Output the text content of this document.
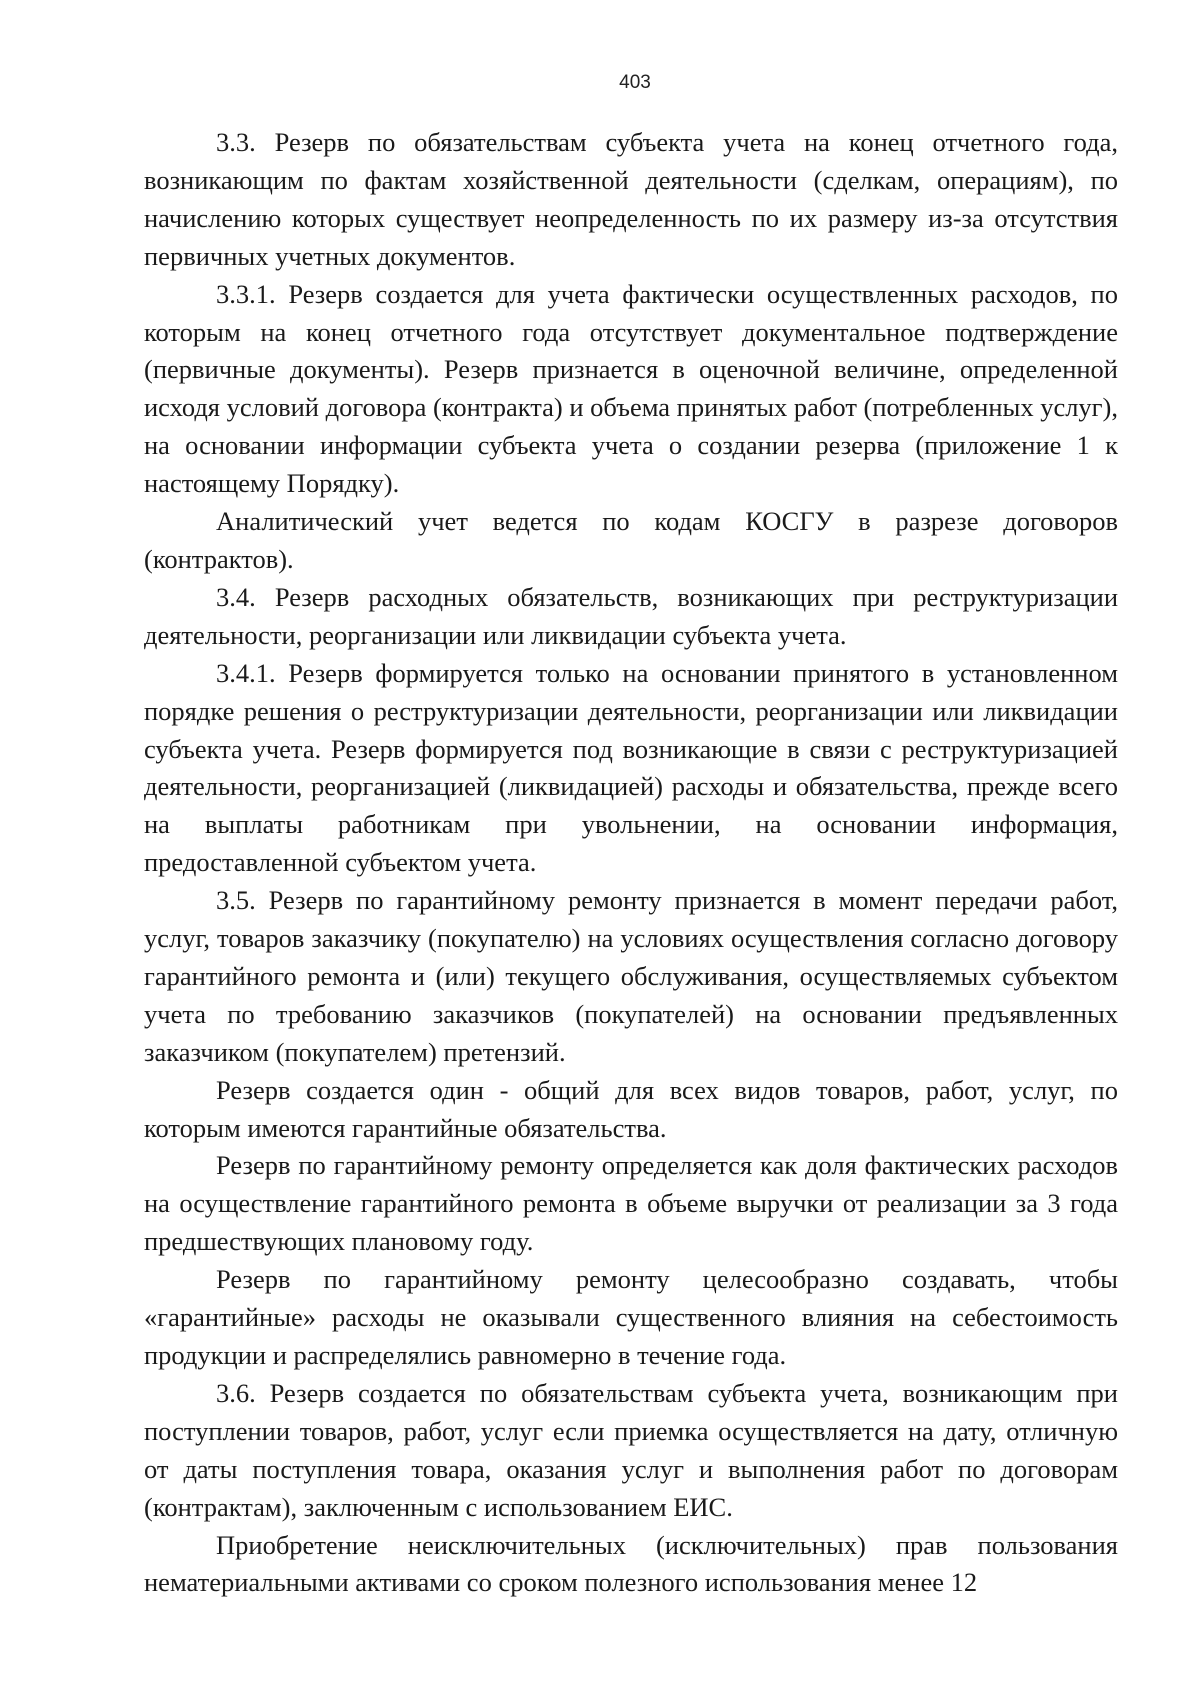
403

3.3. Резерв по обязательствам субъекта учета на конец отчетного года, возникающим по фактам хозяйственной деятельности (сделкам, операциям), по начислению которых существует неопределенность по их размеру из-за отсутствия первичных учетных документов.

3.3.1. Резерв создается для учета фактически осуществленных расходов, по которым на конец отчетного года отсутствует документальное подтверждение (первичные документы). Резерв признается в оценочной величине, определенной исходя условий договора (контракта) и объема принятых работ (потребленных услуг), на основании информации субъекта учета о создании резерва (приложение 1 к настоящему Порядку).

Аналитический учет ведется по кодам КОСГУ в разрезе договоров (контрактов).

3.4. Резерв расходных обязательств, возникающих при реструктуризации деятельности, реорганизации или ликвидации субъекта учета.

3.4.1. Резерв формируется только на основании принятого в установленном порядке решения о реструктуризации деятельности, реорганизации или ликвидации субъекта учета. Резерв формируется под возникающие в связи с реструктуризацией деятельности, реорганизацией (ликвидацией) расходы и обязательства, прежде всего на выплаты работникам при увольнении, на основании информация, предоставленной субъектом учета.

3.5. Резерв по гарантийному ремонту признается в момент передачи работ, услуг, товаров заказчику (покупателю) на условиях осуществления согласно договору гарантийного ремонта и (или) текущего обслуживания, осуществляемых субъектом учета по требованию заказчиков (покупателей) на основании предъявленных заказчиком (покупателем) претензий.

Резерв создается один - общий для всех видов товаров, работ, услуг, по которым имеются гарантийные обязательства.

Резерв по гарантийному ремонту определяется как доля фактических расходов на осуществление гарантийного ремонта в объеме выручки от реализации за 3 года предшествующих плановому году.

Резерв по гарантийному ремонту целесообразно создавать, чтобы «гарантийные» расходы не оказывали существенного влияния на себестоимость продукции и распределялись равномерно в течение года.

3.6. Резерв создается по обязательствам субъекта учета, возникающим при поступлении товаров, работ, услуг если приемка осуществляется на дату, отличную от даты поступления товара, оказания услуг и выполнения работ по договорам (контрактам), заключенным с использованием ЕИС.

Приобретение неисключительных (исключительных) прав пользования нематериальными активами со сроком полезного использования менее 12
